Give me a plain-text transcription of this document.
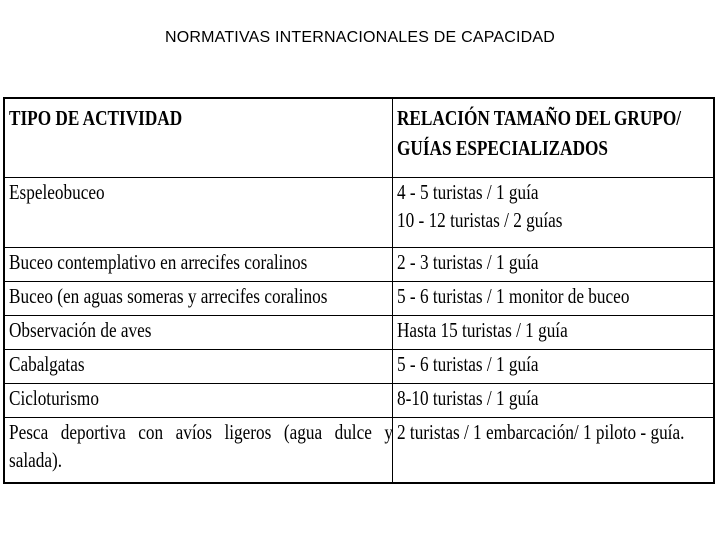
NORMATIVAS INTERNACIONALES DE CAPACIDAD
TIPO DE ACTIVIDAD	RELACIÓN TAMAÑO DEL GRUPO/
GUÍAS ESPECIALIZADOS

Espeleobuceo	4 - 5 turistas / 1 guía
10 - 12 turistas / 2 guías

Buceo contemplativo en arrecifes coralinos	2 - 3 turistas / 1 guía
Buceo (en aguas someras y arrecifes coralinos	5 - 6 turistas / 1 monitor de buceo
Observación de aves	Hasta 15 turistas / 1 guía
Cabalgatas	5 - 6 turistas / 1 guía
Cicloturismo	8-10 turistas / 1 guía
Pesca deportiva con avíos ligeros (agua dulce y
salada).	2 turistas / 1 embarcación/ 1 piloto - guía.
